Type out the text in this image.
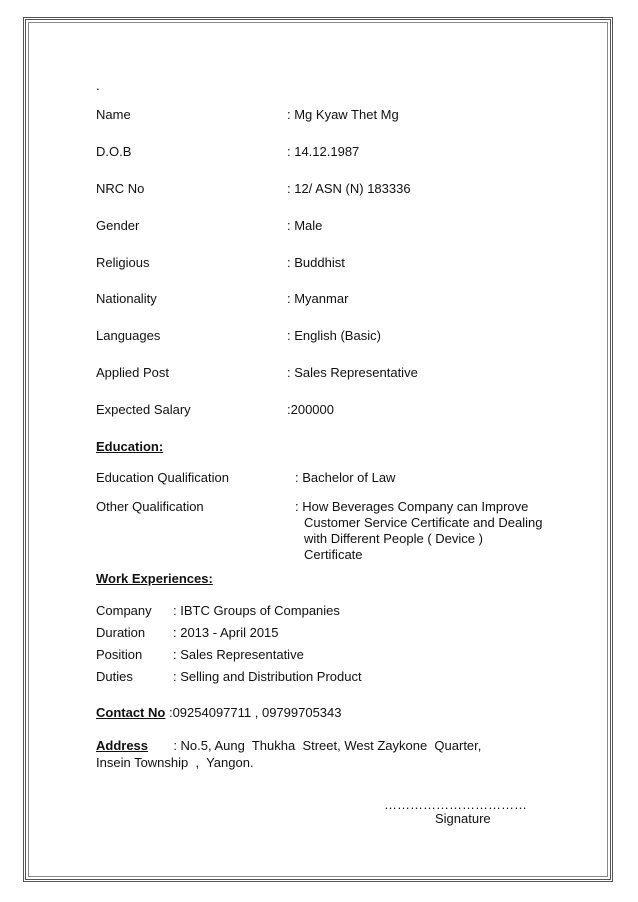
.
Name	: Mg Kyaw Thet Mg
D.O.B	: 14.12.1987
NRC No	: 12/ ASN (N) 183336
Gender	: Male
Religious	: Buddhist
Nationality	: Myanmar
Languages	: English (Basic)
Applied Post	: Sales Representative
Expected Salary	:200000
Education:
Education Qualification	: Bachelor of Law
Other Qualification	: How Beverages Company can Improve
Customer Service Certificate and Dealing with Different People ( Device ) Certificate
Work Experiences:
Company : IBTC Groups of Companies
Duration : 2013 - April 2015
Position : Sales Representative
Duties	: Selling and Distribution Product
Contact No :09254097711 , 09799705343
Address       : No.5, Aung  Thukha  Street, West Zaykone  Quarter,  Insein Township  ,  Yangon.
……………………………
Signature
